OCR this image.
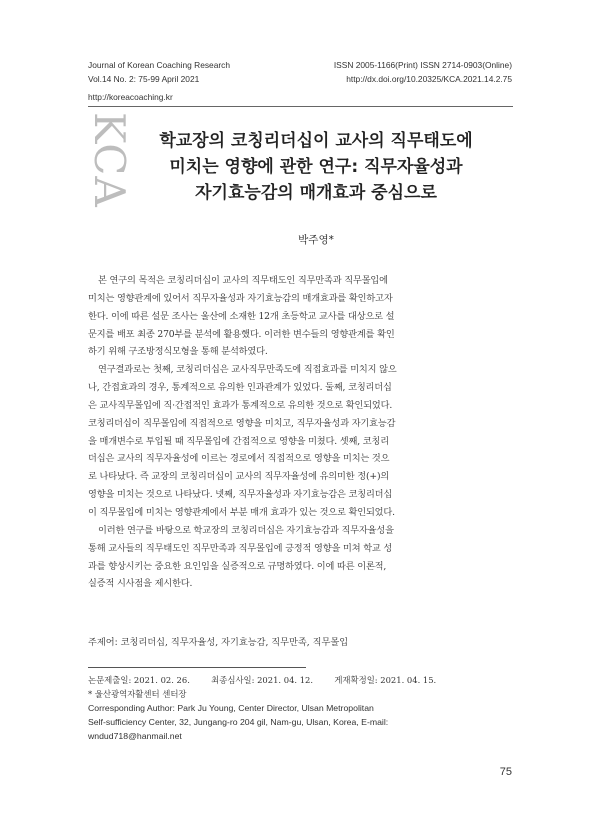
Journal of Korean Coaching Research	ISSN 2005-1166(Print) ISSN 2714-0903(Online)
Vol.14 No. 2: 75-99 April 2021	http://dx.doi.org/10.20325/KCA.2021.14.2.75
http://koreacoaching.kr
KCA	학교장의 코칭리더십이 교사의 직무태도에
미치는 영향에 관한 연구: 직무자율성과
자기효능감의 매개효과 중심으로
박주영*

본 연구의 목적은 코칭리더십이 교사의 직무태도인 직무만족과 직무몰입에
미치는 영향관계에 있어서 직무자율성과 자기효능감의 매개효과를 확인하고자
한다. 이에 따른 설문 조사는 울산에 소재한 12개 초등학교 교사를 대상으로 설
문지를 배포 최종 270부를 분석에 활용했다. 이러한 변수들의 영향관계를 확인
하기 위해 구조방정식모형을 통해 분석하였다.

연구결과로는 첫째, 코칭리더십은 교사직무만족도에 직접효과를 미치지 않으
나, 간접효과의 경우, 통계적으로 유의한 인과관계가 있었다. 둘째, 코칭리더십
은 교사직무몰입에 직·간접적인 효과가 통계적으로 유의한 것으로 확인되었다.
코칭리더십이 직무몰입에 직접적으로 영향을 미치고, 직무자율성과 자기효능감
을 매개변수로 투입될 때 직무몰입에 간접적으로 영향을 미쳤다. 셋째, 코칭리
더십은 교사의 직무자율성에 이르는 경로에서 직접적으로 영향을 미치는 것으
로 나타났다. 즉 교장의 코칭리더십이 교사의 직무자율성에 유의미한 정(+)의
영향을 미치는 것으로 나타났다. 넷째, 직무자율성과 자기효능감은 코칭리더십
이 직무몰입에 미치는 영향관계에서 부분 매개 효과가 있는 것으로 확인되었다.

이러한 연구를 바탕으로 학교장의 코칭리더십은 자기효능감과 직무자율성을
통해 교사들의 직무태도인 직무만족과 직무몰입에 긍정적 영향을 미쳐 학교 성
과를 향상시키는 중요한 요인임을 실증적으로 규명하였다. 이에 따른 이론적,
실증적 시사점을 제시한다.

주제어: 코칭리더십, 직무자율성, 자기효능감, 직무만족, 직무몰입
논문제출일: 2021. 02. 26.        최종심사일: 2021. 04. 12.        게재확정일: 2021. 04. 15.
* 울산광역자활센터 센터장
Corresponding Author: Park Ju Young, Center Director, Ulsan Metropolitan
Self-sufficiency Center, 32, Jungang-ro 204 gil, Nam-gu, Ulsan, Korea, E-mail:
wndud718@hanmail.net
75
